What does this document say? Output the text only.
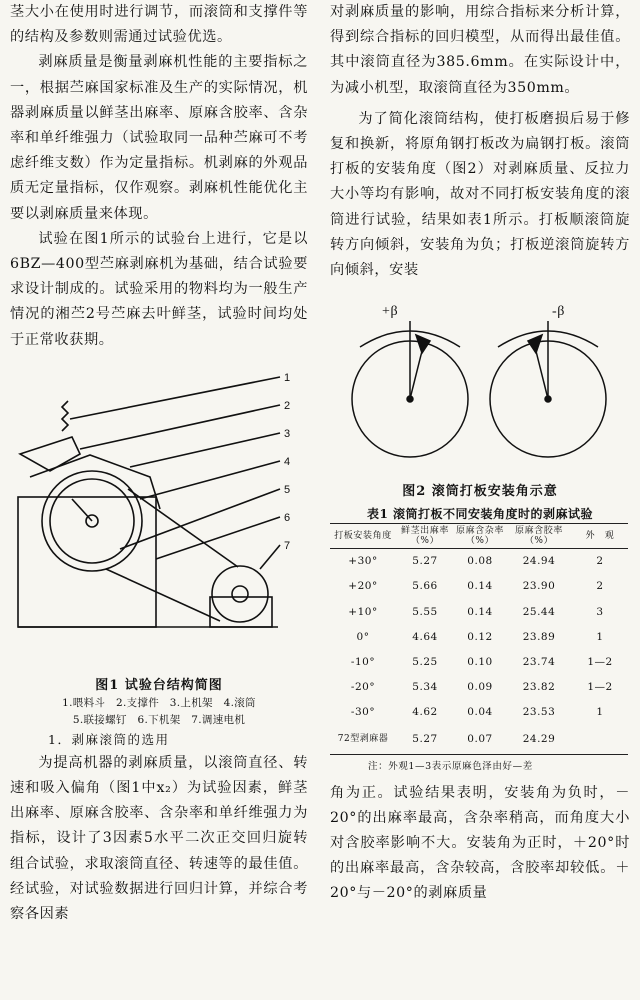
茎大小在使用时进行调节，而滚筒和支撑件等的结构及参数则需通过试验优选。

剥麻质量是衡量剥麻机性能的主要指标之一，根据苎麻国家标准及生产的实际情况，机器剥麻质量以鲜茎出麻率、原麻含胶率、含杂率和单纤维强力（试验取同一品种苎麻可不考虑纤维支数）作为定量指标。机剥麻的外观品质无定量指标，仅作观察。剥麻机性能优化主要以剥麻质量来体现。

试验在图1所示的试验台上进行，它是以6BZ—400型苎麻剥麻机为基础，结合试验要求设计制成的。试验采用的物料均为一般生产情况的湘苎2号苎麻去叶鲜茎，试验时间均处于正常收获期。

1
2
3
4
5
6
7
图1 试验台结构简图
1.喂料斗　2.支撑件　3.上机架　4.滚筒
5.联接螺钉　6.下机架　7.调速电机
1．剥麻滚筒的选用

为提高机器的剥麻质量，以滚筒直径、转速和吸入偏角（图1中x₂）为试验因素，鲜茎出麻率、原麻含胶率、含杂率和单纤维强力为指标，设计了3因素5水平二次正交回归旋转组合试验，求取滚筒直径、转速等的最佳值。经试验，对试验数据进行回归计算，并综合考察各因素

对剥麻质量的影响，用综合指标来分析计算，得到综合指标的回归模型，从而得出最佳值。其中滚筒直径为385.6mm。在实际设计中，为减小机型，取滚筒直径为350mm。

为了简化滚筒结构，使打板磨损后易于修复和换新，将原角钢打板改为扁钢打板。滚筒打板的安装角度（图2）对剥麻质量、反拉力大小等均有影响，故对不同打板安装角度的滚筒进行试验，结果如表1所示。打板顺滚筒旋转方向倾斜，安装角为负；打板逆滚筒旋转方向倾斜，安装

+β	-β
图2 滚筒打板安装角示意
表1 滚筒打板不同安装角度时的剥麻试验
打板安装角度	鲜茎出麻率（%）	原麻含杂率（%）	原麻含胶率（%）	外　观
+30°	5.27	0.08	24.94	2
+20°	5.66	0.14	23.90	2
+10°	5.55	0.14	25.44	3
0°	4.64	0.12	23.89	1
-10°	5.25	0.10	23.74	1—2
-20°	5.34	0.09	23.82	1—2
-30°	4.62	0.04	23.53	1
72型剥麻器	5.27	0.07	24.29	
注：外观1—3表示原麻色泽由好—差

角为正。试验结果表明，安装角为负时，－20°的出麻率最高，含杂率稍高，而角度大小对含胶率影响不大。安装角为正时，＋20°时的出麻率最高，含杂较高，含胶率却较低。＋20°与－20°的剥麻质量
